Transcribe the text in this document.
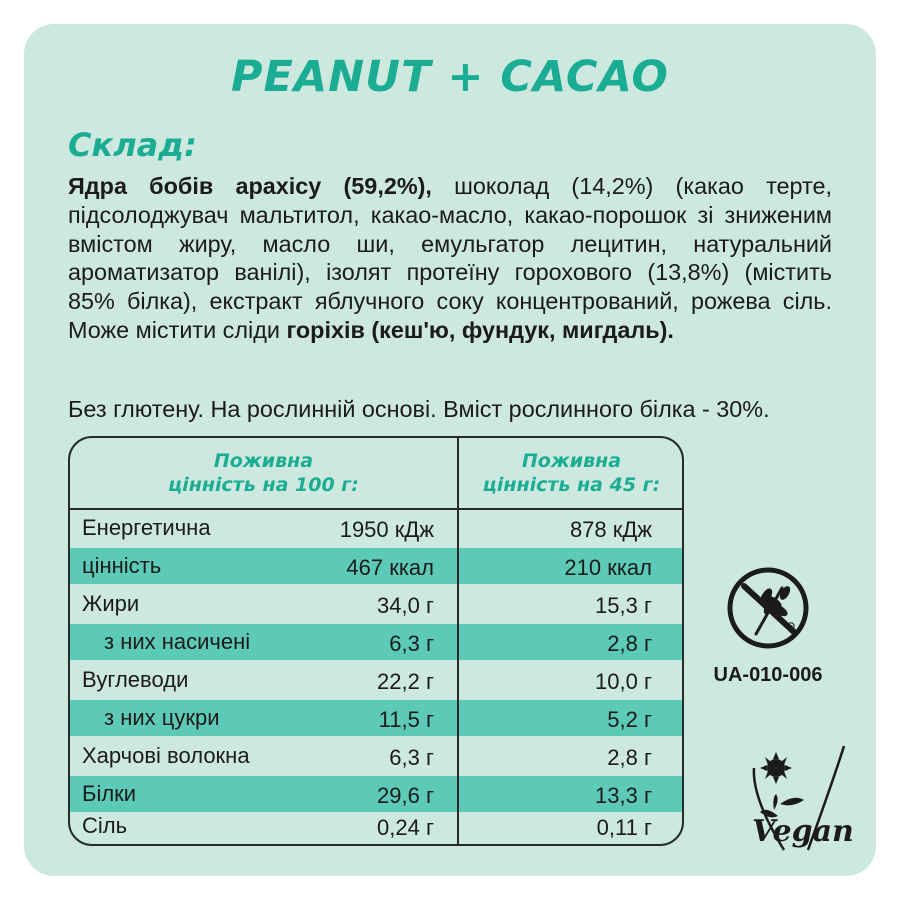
PEANUT + CACAO
Склад:
Ядра бобів арахісу (59,2%), шоколад (14,2%) (какао терте, підсолоджувач мальтитол, какао-масло, какао-порошок зі зниженим вмістом жиру, масло ши, емульгатор лецитин, натуральний ароматизатор ванілі), ізолят протеїну горохового (13,8%) (містить 85% білка), екстракт яблучного соку концентрований, рожева сіль. Може містити сліди горіхів (кеш'ю, фундук, мигдаль).
Без глютену. На рослинній основі. Вміст рослинного білка - 30%.
Поживна
цінність на 100 г:
Поживна
цінність на 45 г:
Енергетична	1950 кДж	878 кДж
цінність	467 ккал	210 ккал
Жири	34,0 г	15,3 г
з них насичені	6,3 г	2,8 г
Вуглеводи	22,2 г	10,0 г
з них цукри	11,5 г	5,2 г
Харчові волокна	6,3 г	2,8 г
Білки	29,6 г	13,3 г
Сіль	0,24 г	0,11 г
R
UA-010-006
Vegan
